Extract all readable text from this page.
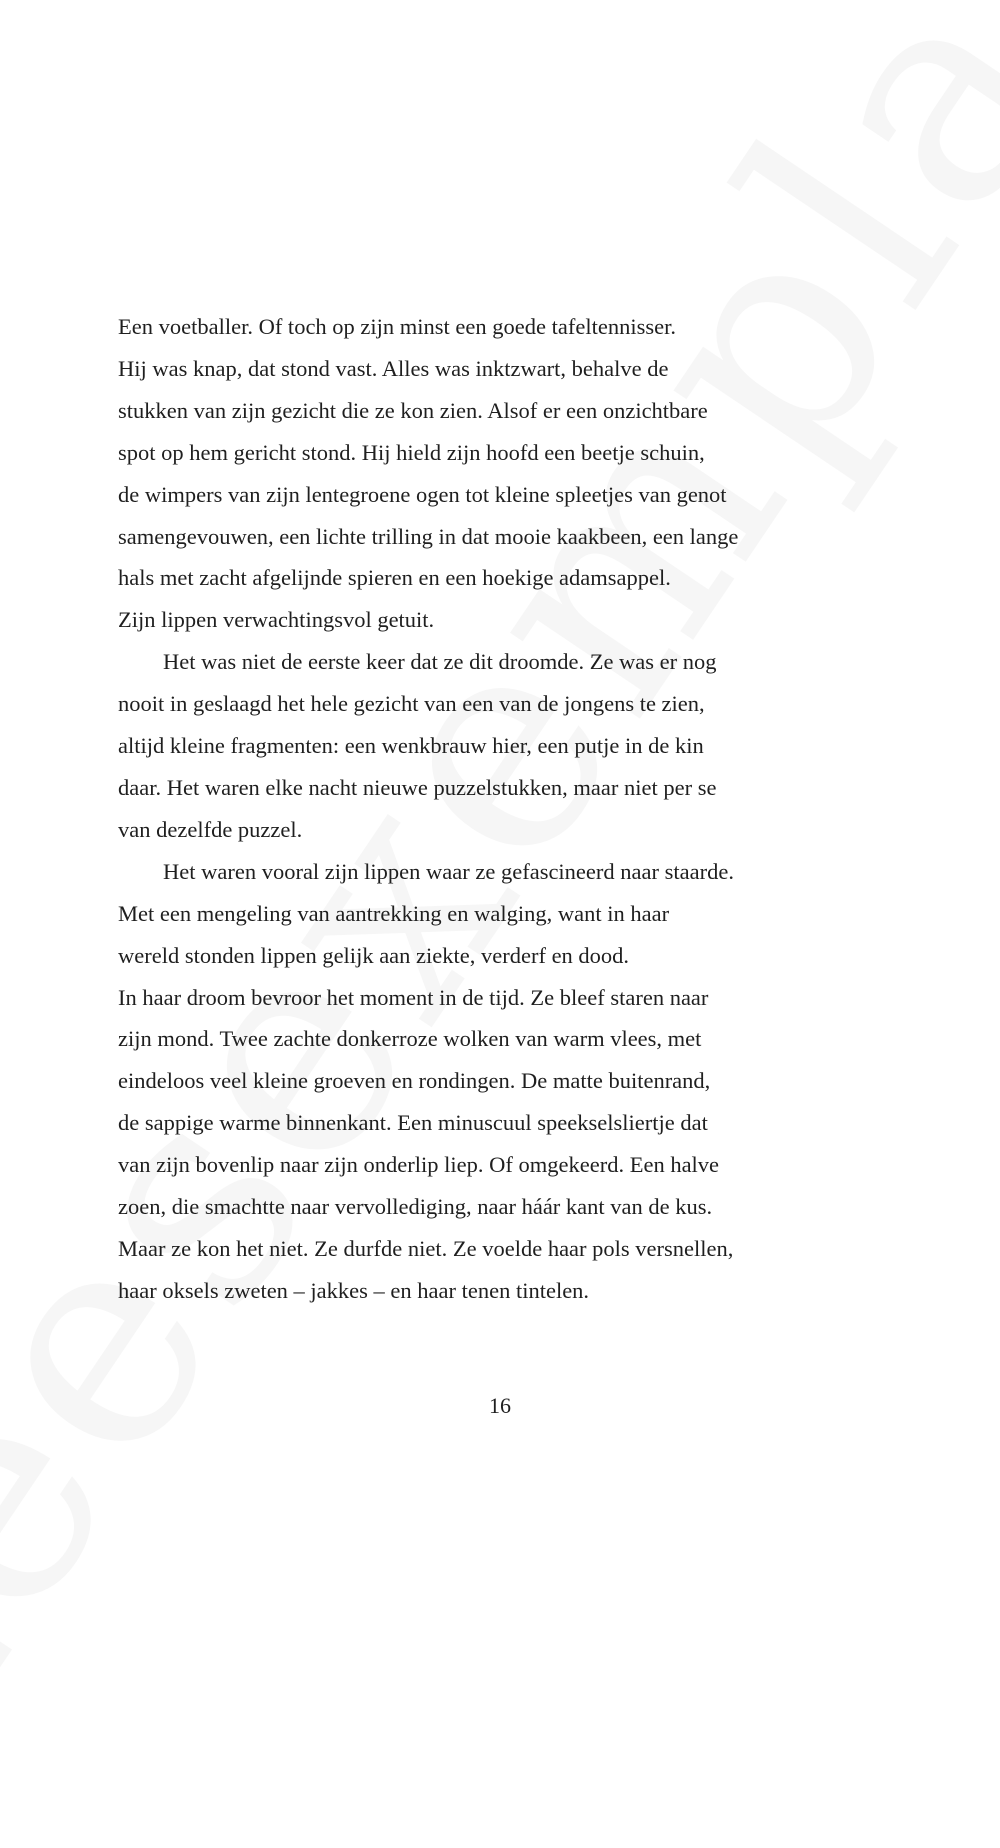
Een voetballer. Of toch op zijn minst een goede tafeltennisser.
Hij was knap, dat stond vast. Alles was inktzwart, behalve de
stukken van zijn gezicht die ze kon zien. Alsof er een onzichtbare
spot op hem gericht stond. Hij hield zijn hoofd een beetje schuin,
de wimpers van zijn lentegroene ogen tot kleine spleetjes van genot
samengevouwen, een lichte trilling in dat mooie kaakbeen, een lange
hals met zacht afgelijnde spieren en een hoekige adamsappel.
Zijn lippen verwachtingsvol getuit.
Het was niet de eerste keer dat ze dit droomde. Ze was er nog
nooit in geslaagd het hele gezicht van een van de jongens te zien,
altijd kleine fragmenten: een wenkbrauw hier, een putje in de kin
daar. Het waren elke nacht nieuwe puzzelstukken, maar niet per se
van dezelfde puzzel.
Het waren vooral zijn lippen waar ze gefascineerd naar staarde.
Met een mengeling van aantrekking en walging, want in haar
wereld stonden lippen gelijk aan ziekte, verderf en dood.
In haar droom bevroor het moment in de tijd. Ze bleef staren naar
zijn mond. Twee zachte donkerroze wolken van warm vlees, met
eindeloos veel kleine groeven en rondingen. De matte buitenrand,
de sappige warme binnenkant. Een minuscuul speekselsliertje dat
van zijn bovenlip naar zijn onderlip liep. Of omgekeerd. Een halve
zoen, die smachtte naar vervollediging, naar háár kant van de kus.
Maar ze kon het niet. Ze durfde niet. Ze voelde haar pols versnellen,
haar oksels zweten – jakkes – en haar tenen tintelen.
16
